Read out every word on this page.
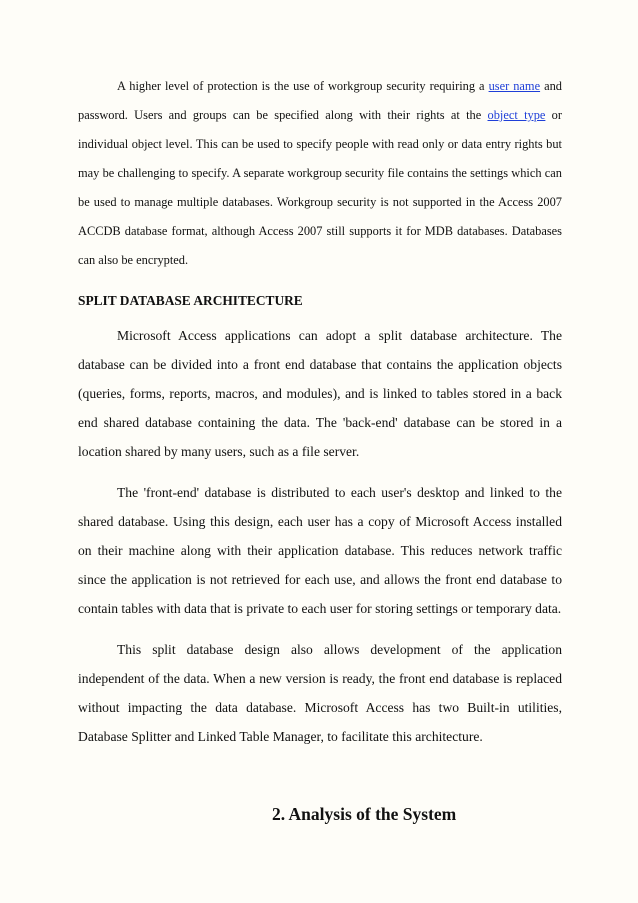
A higher level of protection is the use of workgroup security requiring a user name and password. Users and groups can be specified along with their rights at the object type or individual object level. This can be used to specify people with read only or data entry rights but may be challenging to specify. A separate workgroup security file contains the settings which can be used to manage multiple databases. Workgroup security is not supported in the Access 2007 ACCDB database format, although Access 2007 still supports it for MDB databases. Databases can also be encrypted.

SPLIT DATABASE ARCHITECTURE

Microsoft Access applications can adopt a split database architecture. The database can be divided into a front end database that contains the application objects (queries, forms, reports, macros, and modules), and is linked to tables stored in a back end shared database containing the data. The 'back-end' database can be stored in a location shared by many users, such as a file server.

The 'front-end' database is distributed to each user's desktop and linked to the shared database. Using this design, each user has a copy of Microsoft Access installed on their machine along with their application database. This reduces network traffic since the application is not retrieved for each use, and allows the front end database to contain tables with data that is private to each user for storing settings or temporary data.

This split database design also allows development of the application independent of the data. When a new version is ready, the front end database is replaced without impacting the data database. Microsoft Access has two Built-in utilities, Database Splitter and Linked Table Manager, to facilitate this architecture.

2. Analysis of the System
